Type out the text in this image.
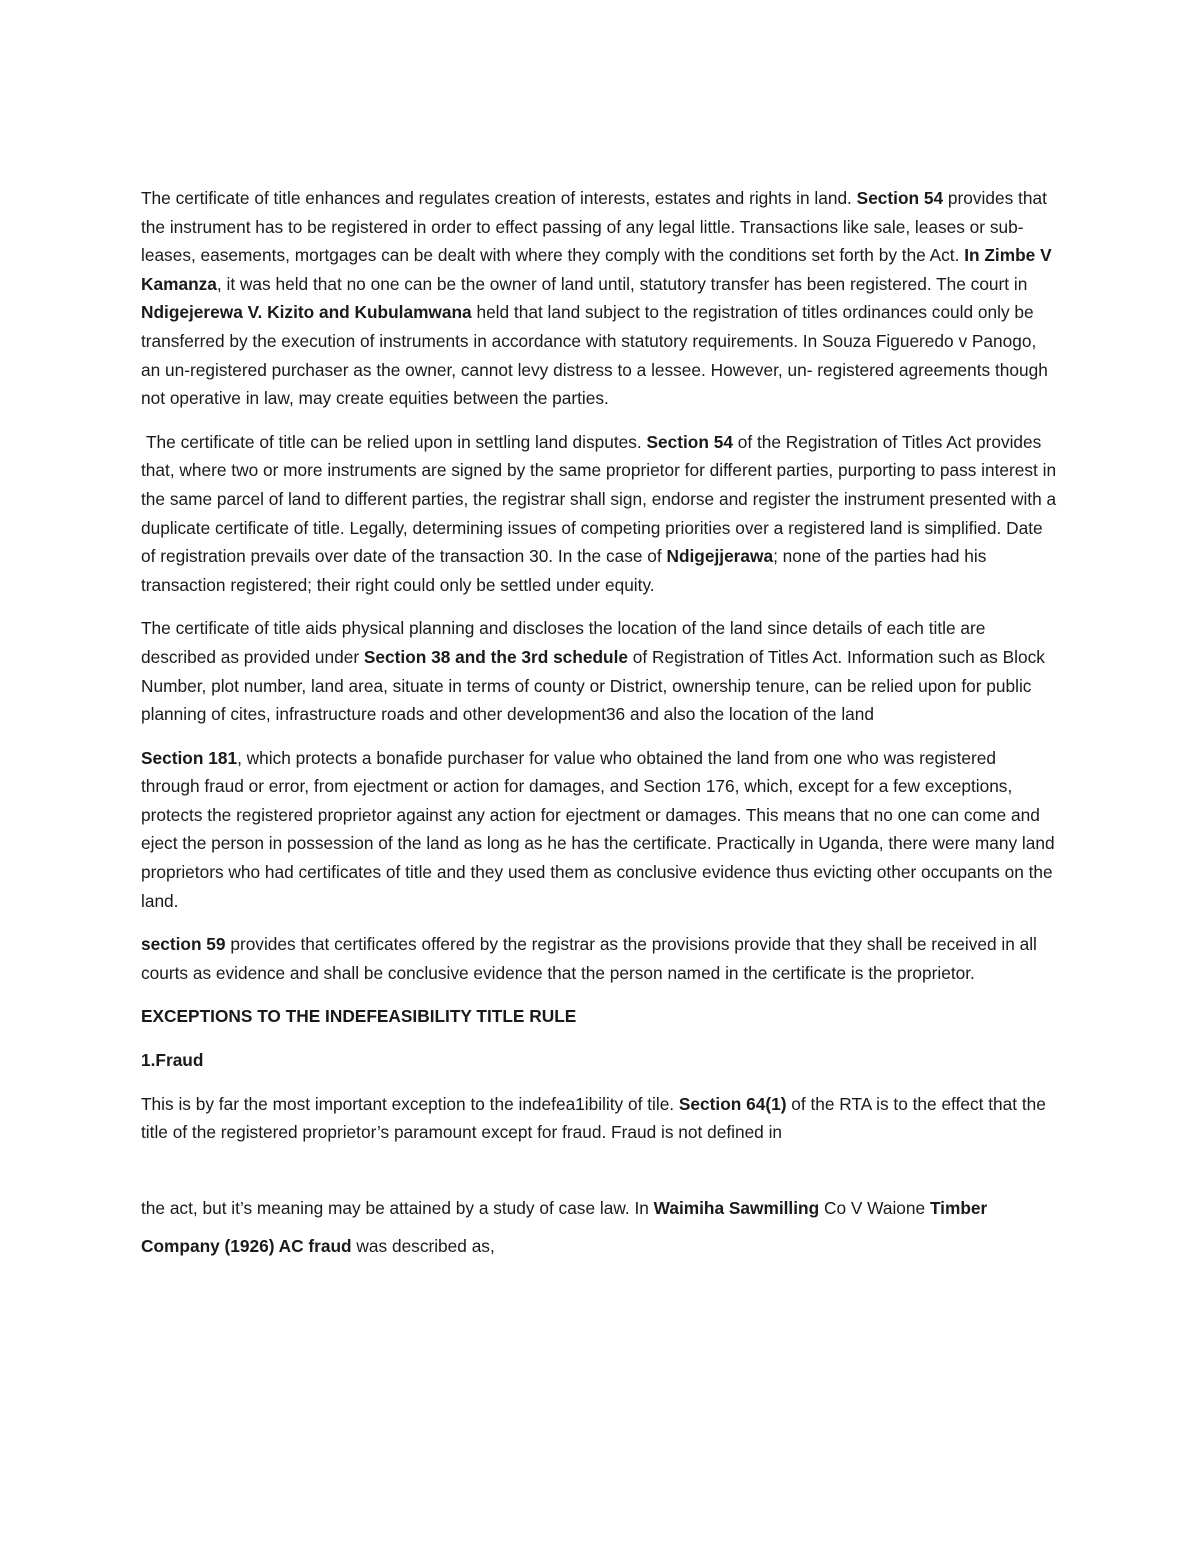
The certificate of title enhances and regulates creation of interests, estates and rights in land. Section 54 provides that the instrument has to be registered in order to effect passing of any legal little. Transactions like sale, leases or sub- leases, easements, mortgages can be dealt with where they comply with the conditions set forth by the Act. In Zimbe V Kamanza, it was held that no one can be the owner of land until, statutory transfer has been registered. The court in Ndigejerewa V. Kizito and Kubulamwana held that land subject to the registration of titles ordinances could only be transferred by the execution of instruments in accordance with statutory requirements. In Souza Figueredo v Panogo, an un-registered purchaser as the owner, cannot levy distress to a lessee. However, un- registered agreements though not operative in law, may create equities between the parties.

The certificate of title can be relied upon in settling land disputes. Section 54 of the Registration of Titles Act provides that, where two or more instruments are signed by the same proprietor for different parties, purporting to pass interest in the same parcel of land to different parties, the registrar shall sign, endorse and register the instrument presented with a duplicate certificate of title. Legally, determining issues of competing priorities over a registered land is simplified. Date of registration prevails over date of the transaction 30. In the case of Ndigejjerawa; none of the parties had his transaction registered; their right could only be settled under equity.

The certificate of title aids physical planning and discloses the location of the land since details of each title are described as provided under Section 38 and the 3rd schedule of Registration of Titles Act. Information such as Block Number, plot number, land area, situate in terms of county or District, ownership tenure, can be relied upon for public planning of cites, infrastructure roads and other development36 and also the location of the land

Section 181, which protects a bonafide purchaser for value who obtained the land from one who was registered through fraud or error, from ejectment or action for damages, and Section 176, which, except for a few exceptions, protects the registered proprietor against any action for ejectment or damages. This means that no one can come and eject the person in possession of the land as long as he has the certificate. Practically in Uganda, there were many land proprietors who had certificates of title and they used them as conclusive evidence thus evicting other occupants on the land.

section 59 provides that certificates offered by the registrar as the provisions provide that they shall be received in all courts as evidence and shall be conclusive evidence that the person named in the certificate is the proprietor.

EXCEPTIONS TO THE INDEFEASIBILITY TITLE RULE

1.Fraud

This is by far the most important exception to the indefea1ibility of tile. Section 64(1) of the RTA is to the effect that the title of the registered proprietor’s paramount except for fraud. Fraud is not defined in

the act, but it’s meaning may be attained by a study of case law. In Waimiha Sawmilling Co V Waione Timber Company (1926) AC fraud was described as,
